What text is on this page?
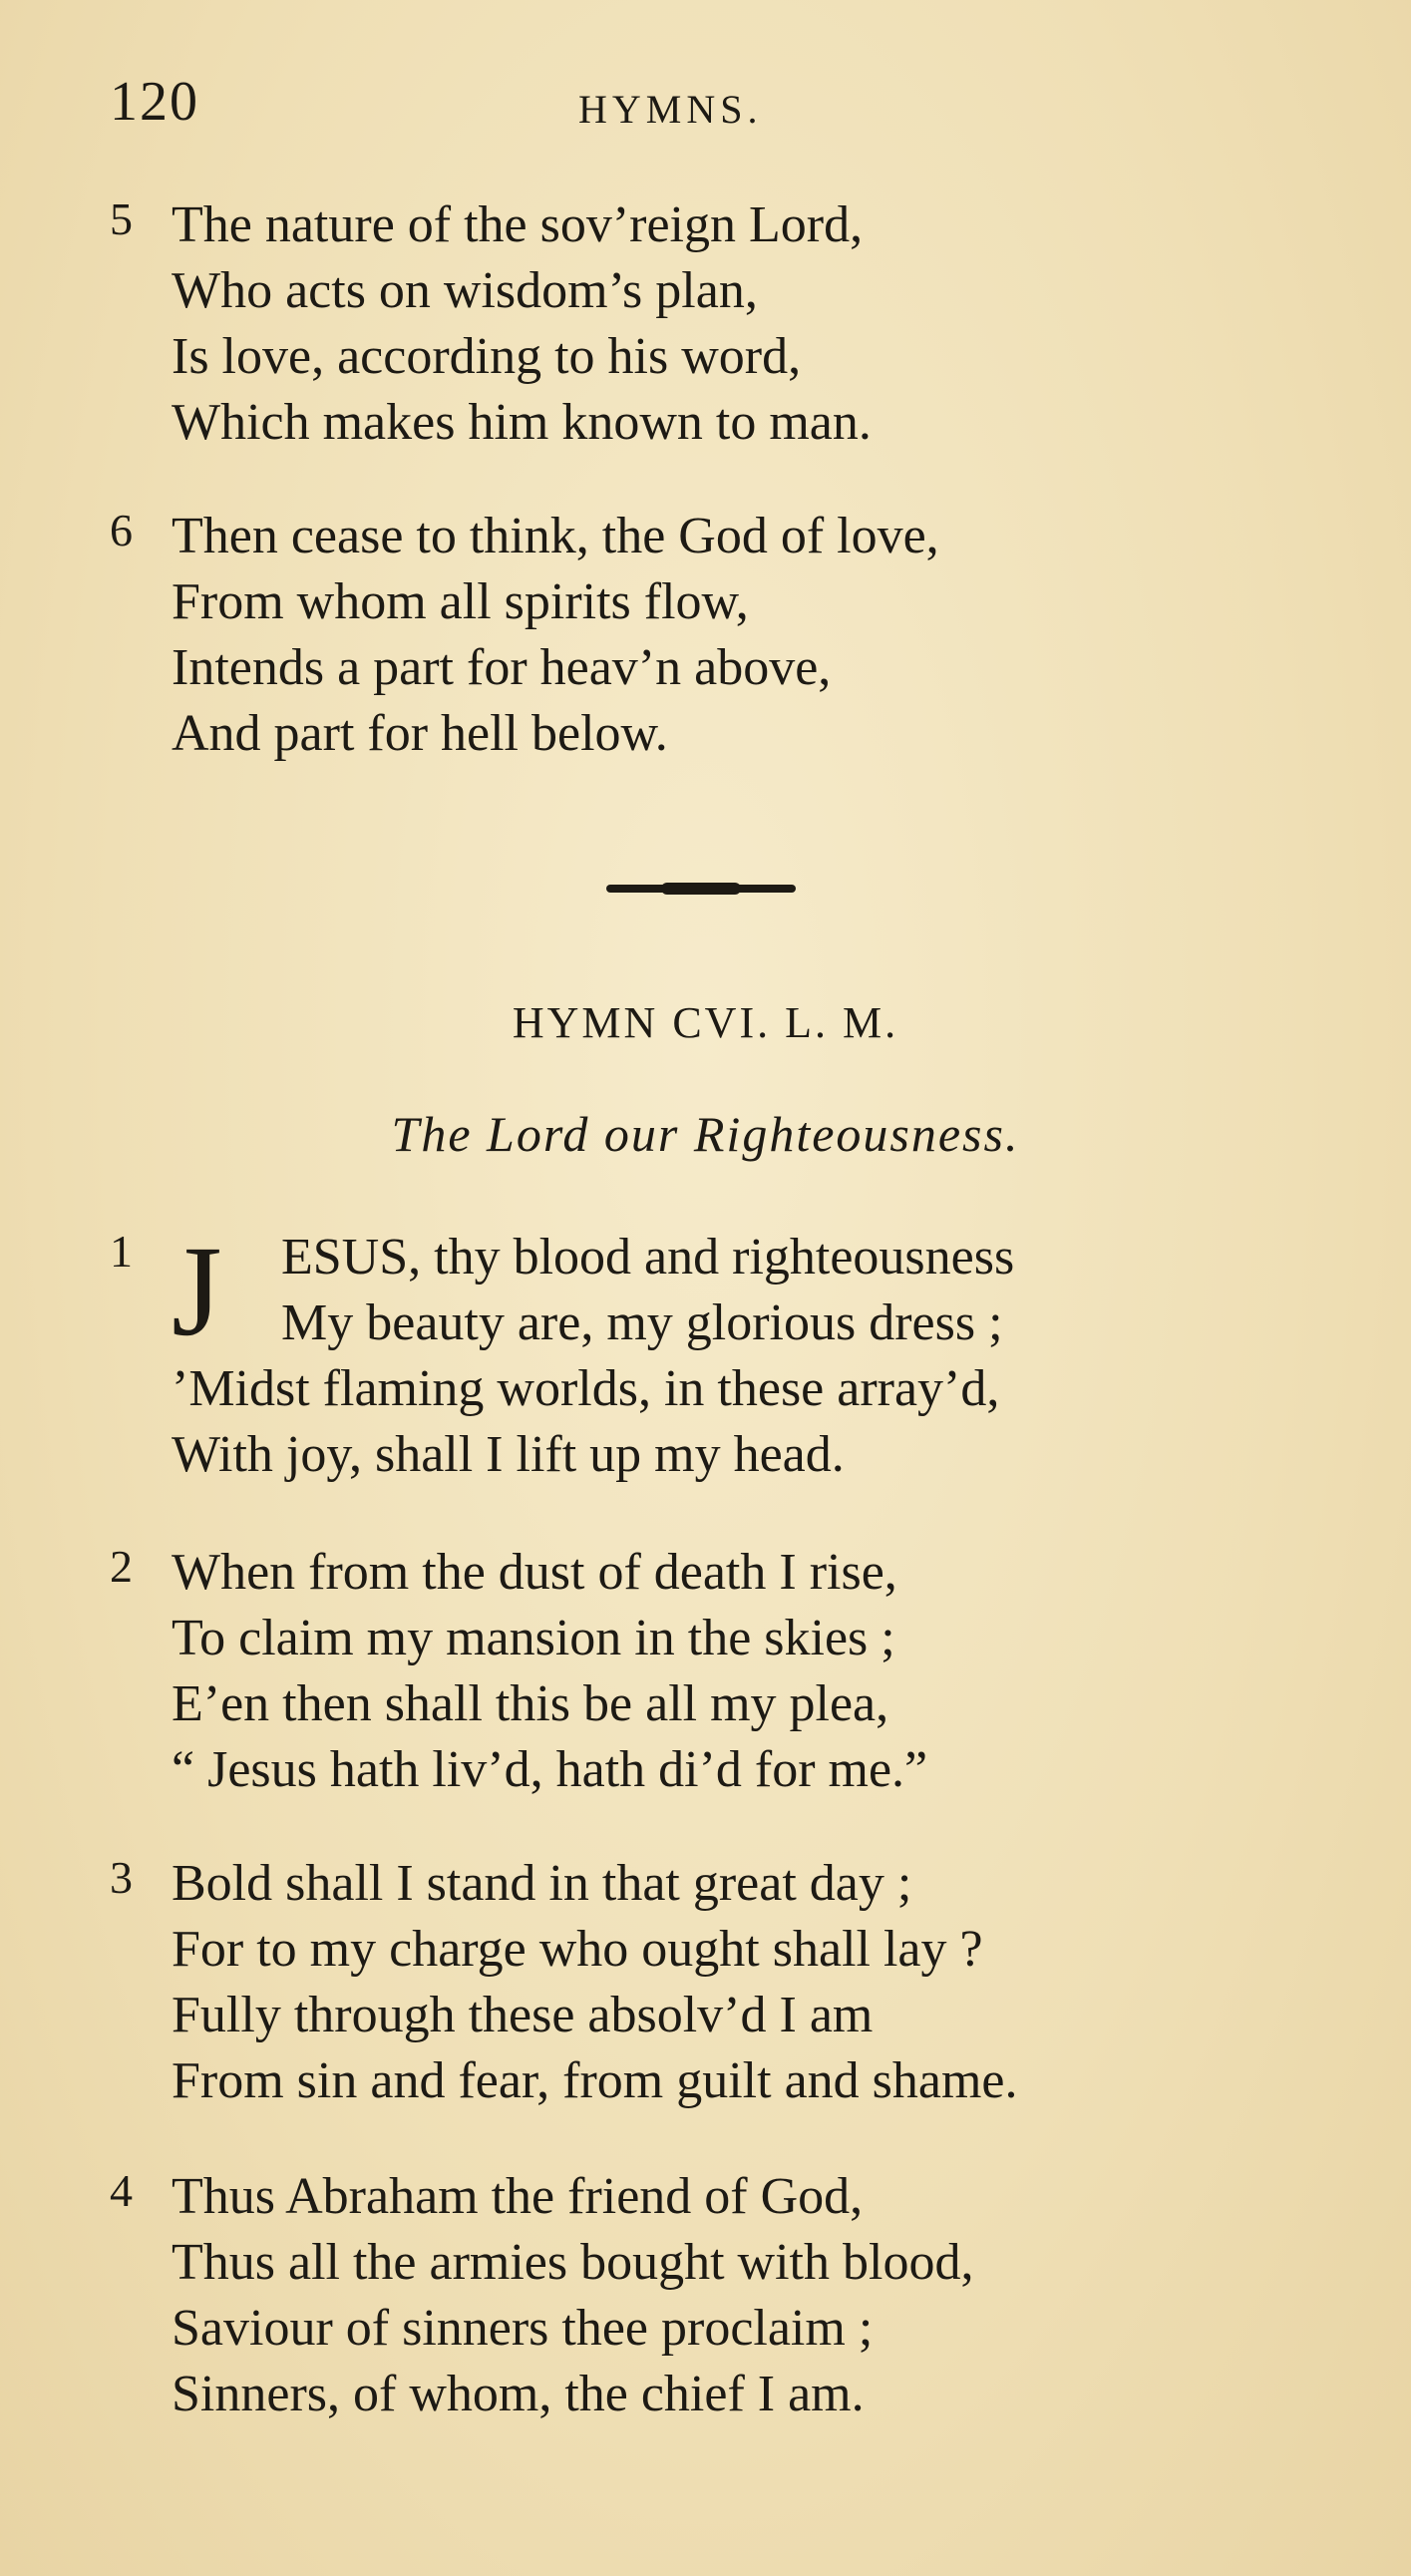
120	HYMNS.
5 The nature of the sov’reign Lord,
Who acts on wisdom’s plan,
Is love, according to his word,
Which makes him known to man.
6 Then cease to think, the God of love,
From whom all spirits flow,
Intends a part for heav’n above,
And part for hell below.
HYMN CVI. L. M.
The Lord our Righteousness.
1 J	ESUS, thy blood and righteousness
My beauty are, my glorious dress ;
’Midst flaming worlds, in these array’d,
With joy, shall I lift up my head.
2 When from the dust of death I rise,
To claim my mansion in the skies ;
E’en then shall this be all my plea,
“ Jesus hath liv’d, hath di’d for me.”
3 Bold shall I stand in that great day ;
For to my charge who ought shall lay ?
Fully through these absolv’d I am
From sin and fear, from guilt and shame.
4 Thus Abraham the friend of God,
Thus all the armies bought with blood,
Saviour of sinners thee proclaim ;
Sinners, of whom, the chief I am.
